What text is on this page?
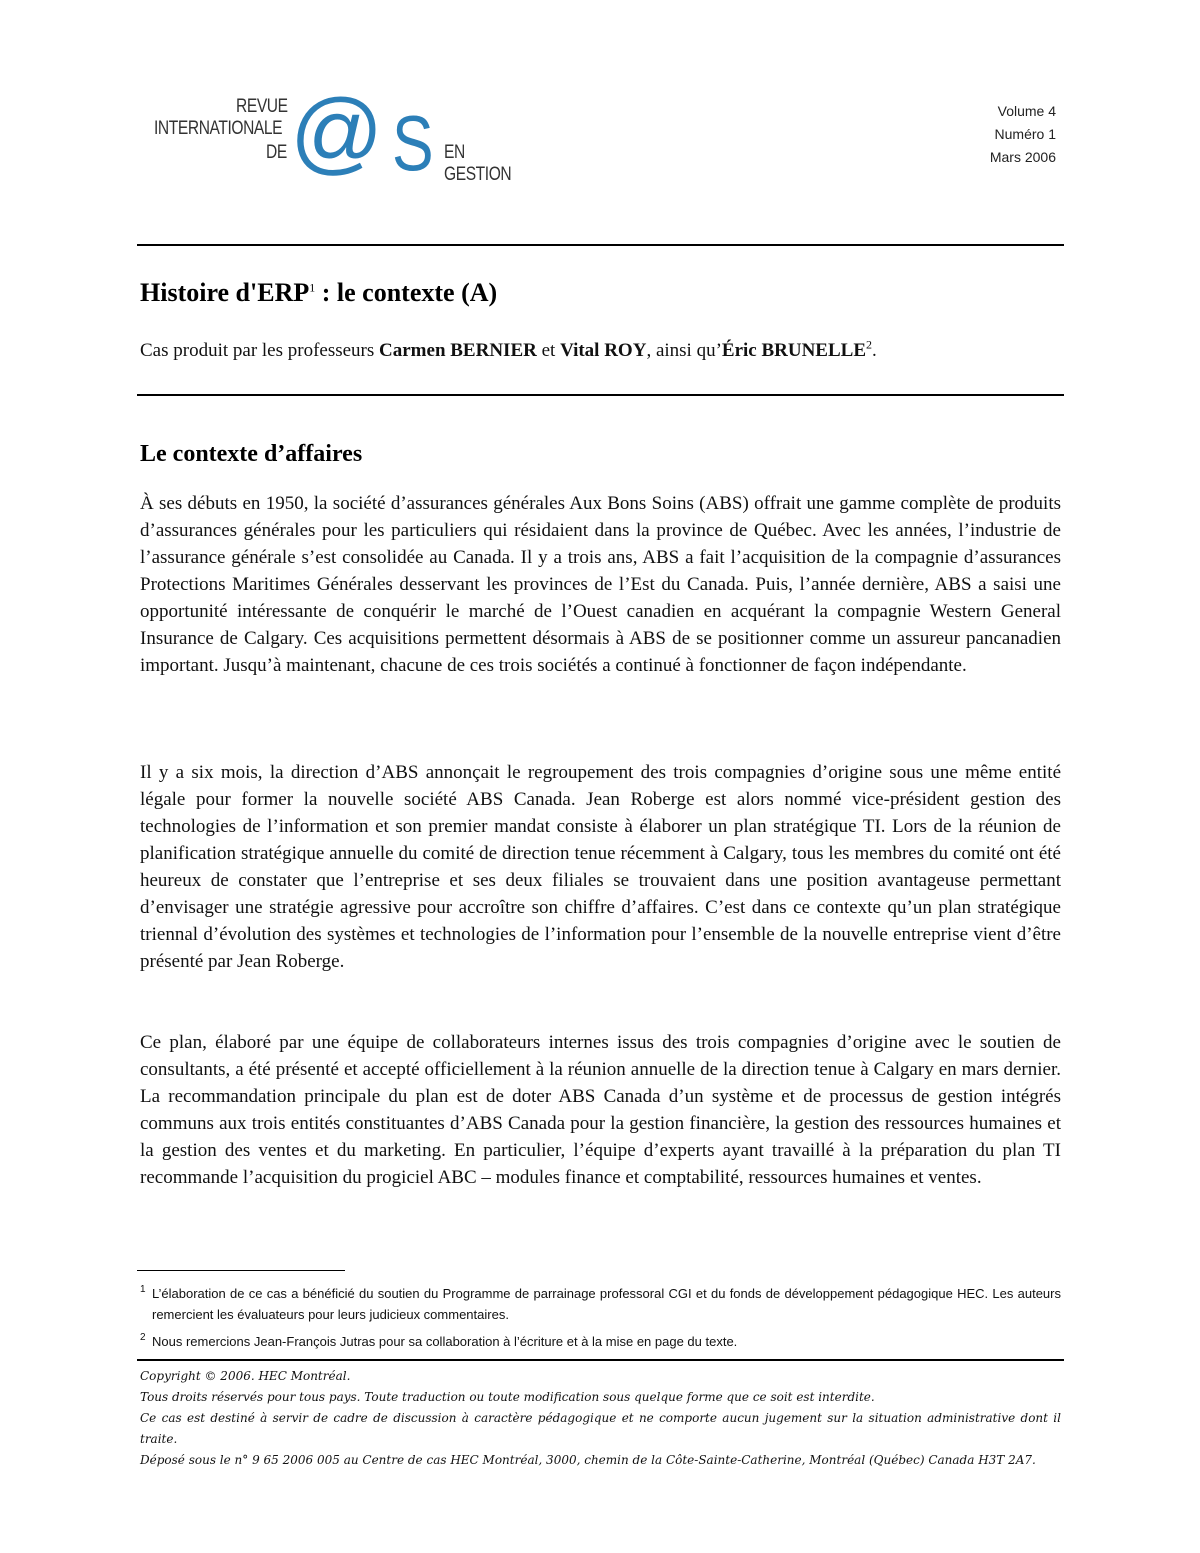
REVUE
INTERNATIONALE
DE @ S EN GESTION
Volume 4
Numéro 1
Mars 2006
Histoire d'ERP$^1$ : le contexte (A)
Cas produit par les professeurs Carmen BERNIER et Vital ROY, ainsi qu’Éric BRUNELLE$^2$.
Le contexte d’affaires
À ses débuts en 1950, la société d’assurances générales Aux Bons Soins (ABS) offrait une gamme complète de produits d’assurances générales pour les particuliers qui résidaient dans la province de Québec. Avec les années, l’industrie de l’assurance générale s’est consolidée au Canada. Il y a trois ans, ABS a fait l’acquisition de la compagnie d’assurances Protections Maritimes Générales desservant les provinces de l’Est du Canada. Puis, l’année dernière, ABS a saisi une opportunité intéressante de conquérir le marché de l’Ouest canadien en acquérant la compagnie Western General Insurance de Calgary. Ces acquisitions permettent désormais à ABS de se positionner comme un assureur pancanadien important. Jusqu’à maintenant, chacune de ces trois sociétés a continué à fonctionner de façon indépendante.
Il y a six mois, la direction d’ABS annonçait le regroupement des trois compagnies d’origine sous une même entité légale pour former la nouvelle société ABS Canada. Jean Roberge est alors nommé vice-président gestion des technologies de l’information et son premier mandat consiste à élaborer un plan stratégique TI. Lors de la réunion de planification stratégique annuelle du comité de direction tenue récemment à Calgary, tous les membres du comité ont été heureux de constater que l’entreprise et ses deux filiales se trouvaient dans une position avantageuse permettant d’envisager une stratégie agressive pour accroître son chiffre d’affaires. C’est dans ce contexte qu’un plan stratégique triennal d’évolution des systèmes et technologies de l’information pour l’ensemble de la nouvelle entreprise vient d’être présenté par Jean Roberge.
Ce plan, élaboré par une équipe de collaborateurs internes issus des trois compagnies d’origine avec le soutien de consultants, a été présenté et accepté officiellement à la réunion annuelle de la direction tenue à Calgary en mars dernier. La recommandation principale du plan est de doter ABS Canada d’un système et de processus de gestion intégrés communs aux trois entités constituantes d’ABS Canada pour la gestion financière, la gestion des ressources humaines et la gestion des ventes et du marketing. En particulier, l’équipe d’experts ayant travaillé à la préparation du plan TI recommande l’acquisition du progiciel ABC – modules finance et comptabilité, ressources humaines et ventes.
1 L’élaboration de ce cas a bénéficié du soutien du Programme de parrainage professoral CGI et du fonds de développement pédagogique HEC. Les auteurs remercient les évaluateurs pour leurs judicieux commentaires.
2 Nous remercions Jean-François Jutras pour sa collaboration à l’écriture et à la mise en page du texte.
Copyright © 2006. HEC Montréal.
Tous droits réservés pour tous pays. Toute traduction ou toute modification sous quelque forme que ce soit est interdite.
Ce cas est destiné à servir de cadre de discussion à caractère pédagogique et ne comporte aucun jugement sur la situation administrative dont il traite.
Déposé sous le n° 9 65 2006 005 au Centre de cas HEC Montréal, 3000, chemin de la Côte-Sainte-Catherine, Montréal (Québec) Canada H3T 2A7.
